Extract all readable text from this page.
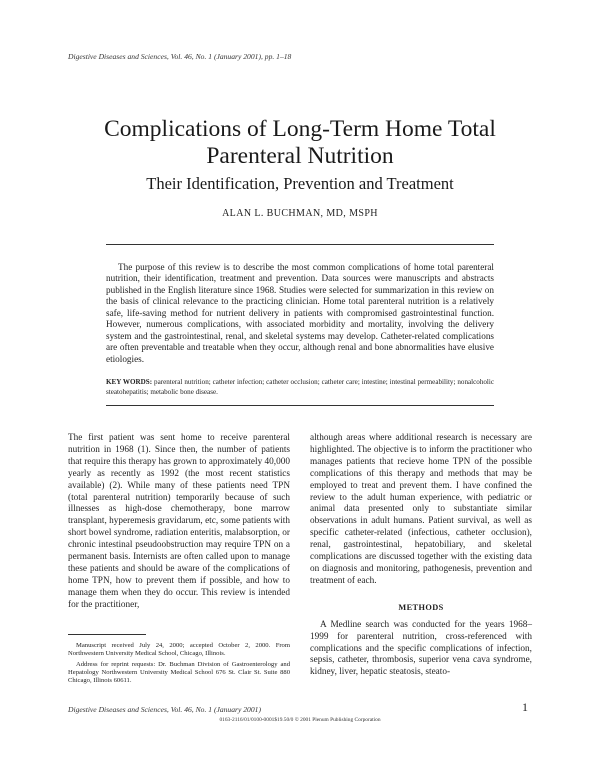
Digestive Diseases and Sciences, Vol. 46, No. 1 (January 2001), pp. 1–18
Complications of Long-Term Home Total
Parenteral Nutrition
Their Identification, Prevention and Treatment
ALAN L. BUCHMAN, MD, MSPH
The purpose of this review is to describe the most common complications of home total parenteral nutrition, their identification, treatment and prevention. Data sources were manuscripts and abstracts published in the English literature since 1968. Studies were selected for summarization in this review on the basis of clinical relevance to the practicing clinician. Home total parenteral nutrition is a relatively safe, life-saving method for nutrient delivery in patients with compromised gastrointestinal function. However, numerous complications, with associated morbidity and mortality, involving the delivery system and the gastrointestinal, renal, and skeletal systems may develop. Catheter-related complications are often preventable and treatable when they occur, although renal and bone abnormalities have elusive etiologies.
KEY WORDS: parenteral nutrition; catheter infection; catheter occlusion; catheter care; intestine; intestinal permeability; nonalcoholic steatohepatitis; metabolic bone disease.

The first patient was sent home to receive parenteral nutrition in 1968 (1). Since then, the number of patients that require this therapy has grown to approximately 40,000 yearly as recently as 1992 (the most recent statistics available) (2). While many of these patients need TPN (total parenteral nutrition) temporarily because of such illnesses as high-dose chemotherapy, bone marrow transplant, hyperemesis gravidarum, etc, some patients with short bowel syndrome, radiation enteritis, malabsorption, or chronic intestinal pseudoobstruction may require TPN on a permanent basis. Internists are often called upon to manage these patients and should be aware of the complications of home TPN, how to prevent them if possible, and how to manage them when they do occur. This review is intended for the practitioner,

although areas where additional research is necessary are highlighted. The objective is to inform the practitioner who manages patients that recieve home TPN of the possible complications of this therapy and methods that may be employed to treat and prevent them. I have confined the review to the adult human experience, with pediatric or animal data presented only to substantiate similar observations in adult humans. Patient survival, as well as specific catheter-related (infectious, catheter occlusion), renal, gastrointestinal, hepatobiliary, and skeletal complications are discussed together with the existing data on diagnosis and monitoring, pathogenesis, prevention and treatment of each.

METHODS

A Medline search was conducted for the years 1968–1999 for parenteral nutrition, cross-referenced with complications and the specific complications of infection, sepsis, catheter, thrombosis, superior vena cava syndrome, kidney, liver, hepatic steatosis, steato-

Manuscript received July 24, 2000; accepted October 2, 2000. From Northwestern University Medical School, Chicago, Illinois.

Address for reprint requests: Dr. Buchman Division of Gastroenterology and Hepatology Northwestern University Medical School 676 St. Clair St. Suite 880 Chicago, Illinois 60611.

Digestive Diseases and Sciences, Vol. 46, No. 1 (January 2001)	1
0163-2116/01/0100-0001$19.50/0 © 2001 Plenum Publishing Corporation
